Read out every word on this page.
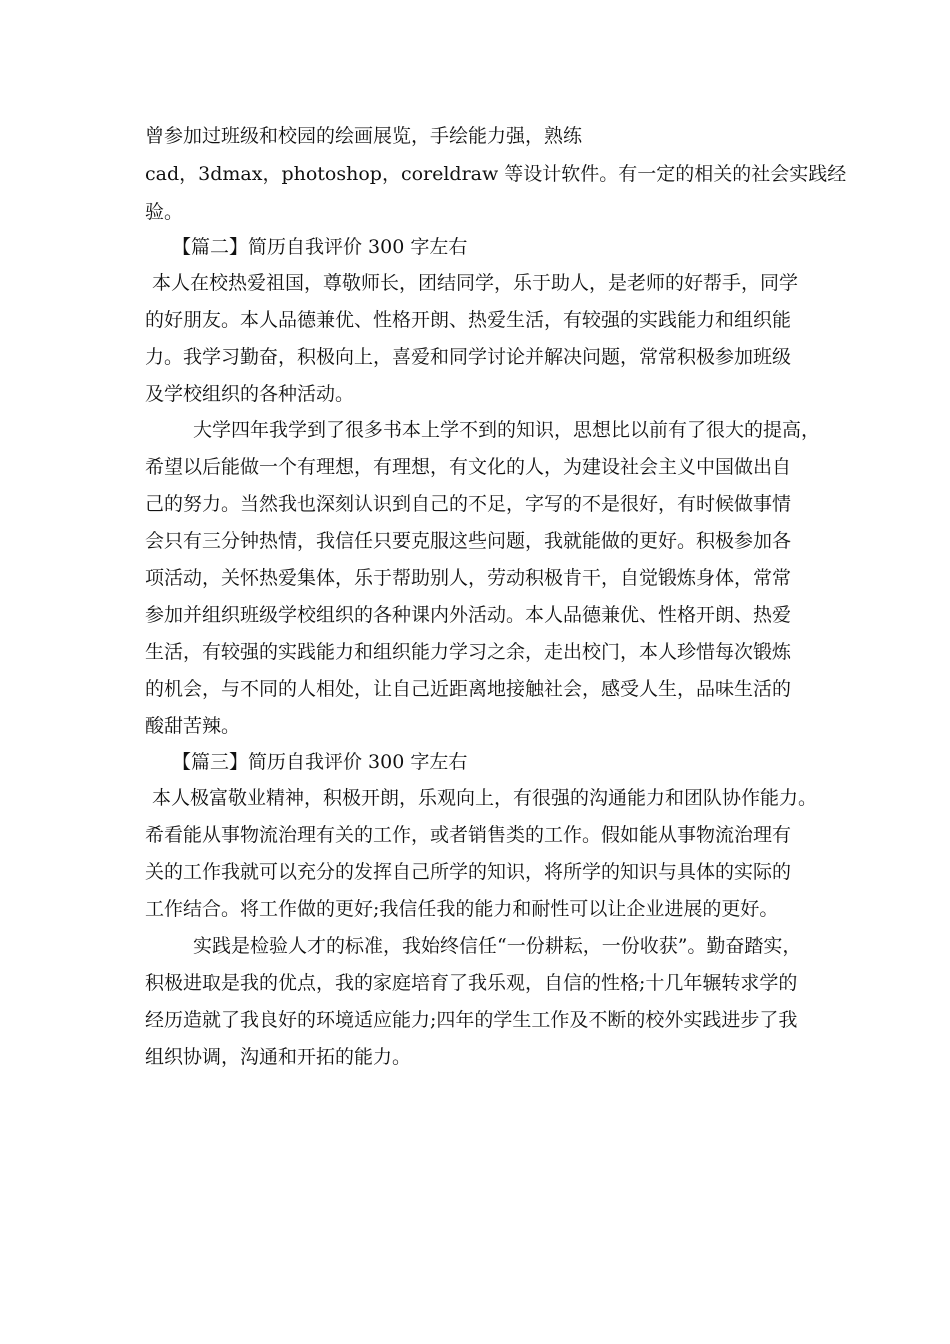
曾参加过班级和校园的绘画展览，手绘能力强，熟练
cad，3dmax，photoshop，coreldraw 等设计软件。有一定的相关的社会实践经
验。
【篇二】简历自我评价 300 字左右
本人在校热爱祖国，尊敬师长，团结同学，乐于助人，是老师的好帮手，同学
的好朋友。本人品德兼优、性格开朗、热爱生活，有较强的实践能力和组织能
力。我学习勤奋，积极向上，喜爱和同学讨论并解决问题，常常积极参加班级
及学校组织的各种活动。
大学四年我学到了很多书本上学不到的知识，思想比以前有了很大的提高，
希望以后能做一个有理想，有理想，有文化的人，为建设社会主义中国做出自
己的努力。当然我也深刻认识到自己的不足，字写的不是很好，有时候做事情
会只有三分钟热情，我信任只要克服这些问题，我就能做的更好。积极参加各
项活动，关怀热爱集体，乐于帮助别人，劳动积极肯干，自觉锻炼身体，常常
参加并组织班级学校组织的各种课内外活动。本人品德兼优、性格开朗、热爱
生活，有较强的实践能力和组织能力学习之余，走出校门，本人珍惜每次锻炼
的机会，与不同的人相处，让自己近距离地接触社会，感受人生，品味生活的
酸甜苦辣。
【篇三】简历自我评价 300 字左右
本人极富敬业精神，积极开朗，乐观向上，有很强的沟通能力和团队协作能力。
希看能从事物流治理有关的工作，或者销售类的工作。假如能从事物流治理有
关的工作我就可以充分的发挥自己所学的知识，将所学的知识与具体的实际的
工作结合。将工作做的更好;我信任我的能力和耐性可以让企业进展的更好。
实践是检验人才的标准，我始终信任“一份耕耘，一份收获”。勤奋踏实，
积极进取是我的优点，我的家庭培育了我乐观，自信的性格;十几年辗转求学的
经历造就了我良好的环境适应能力;四年的学生工作及不断的校外实践进步了我
组织协调，沟通和开拓的能力。
